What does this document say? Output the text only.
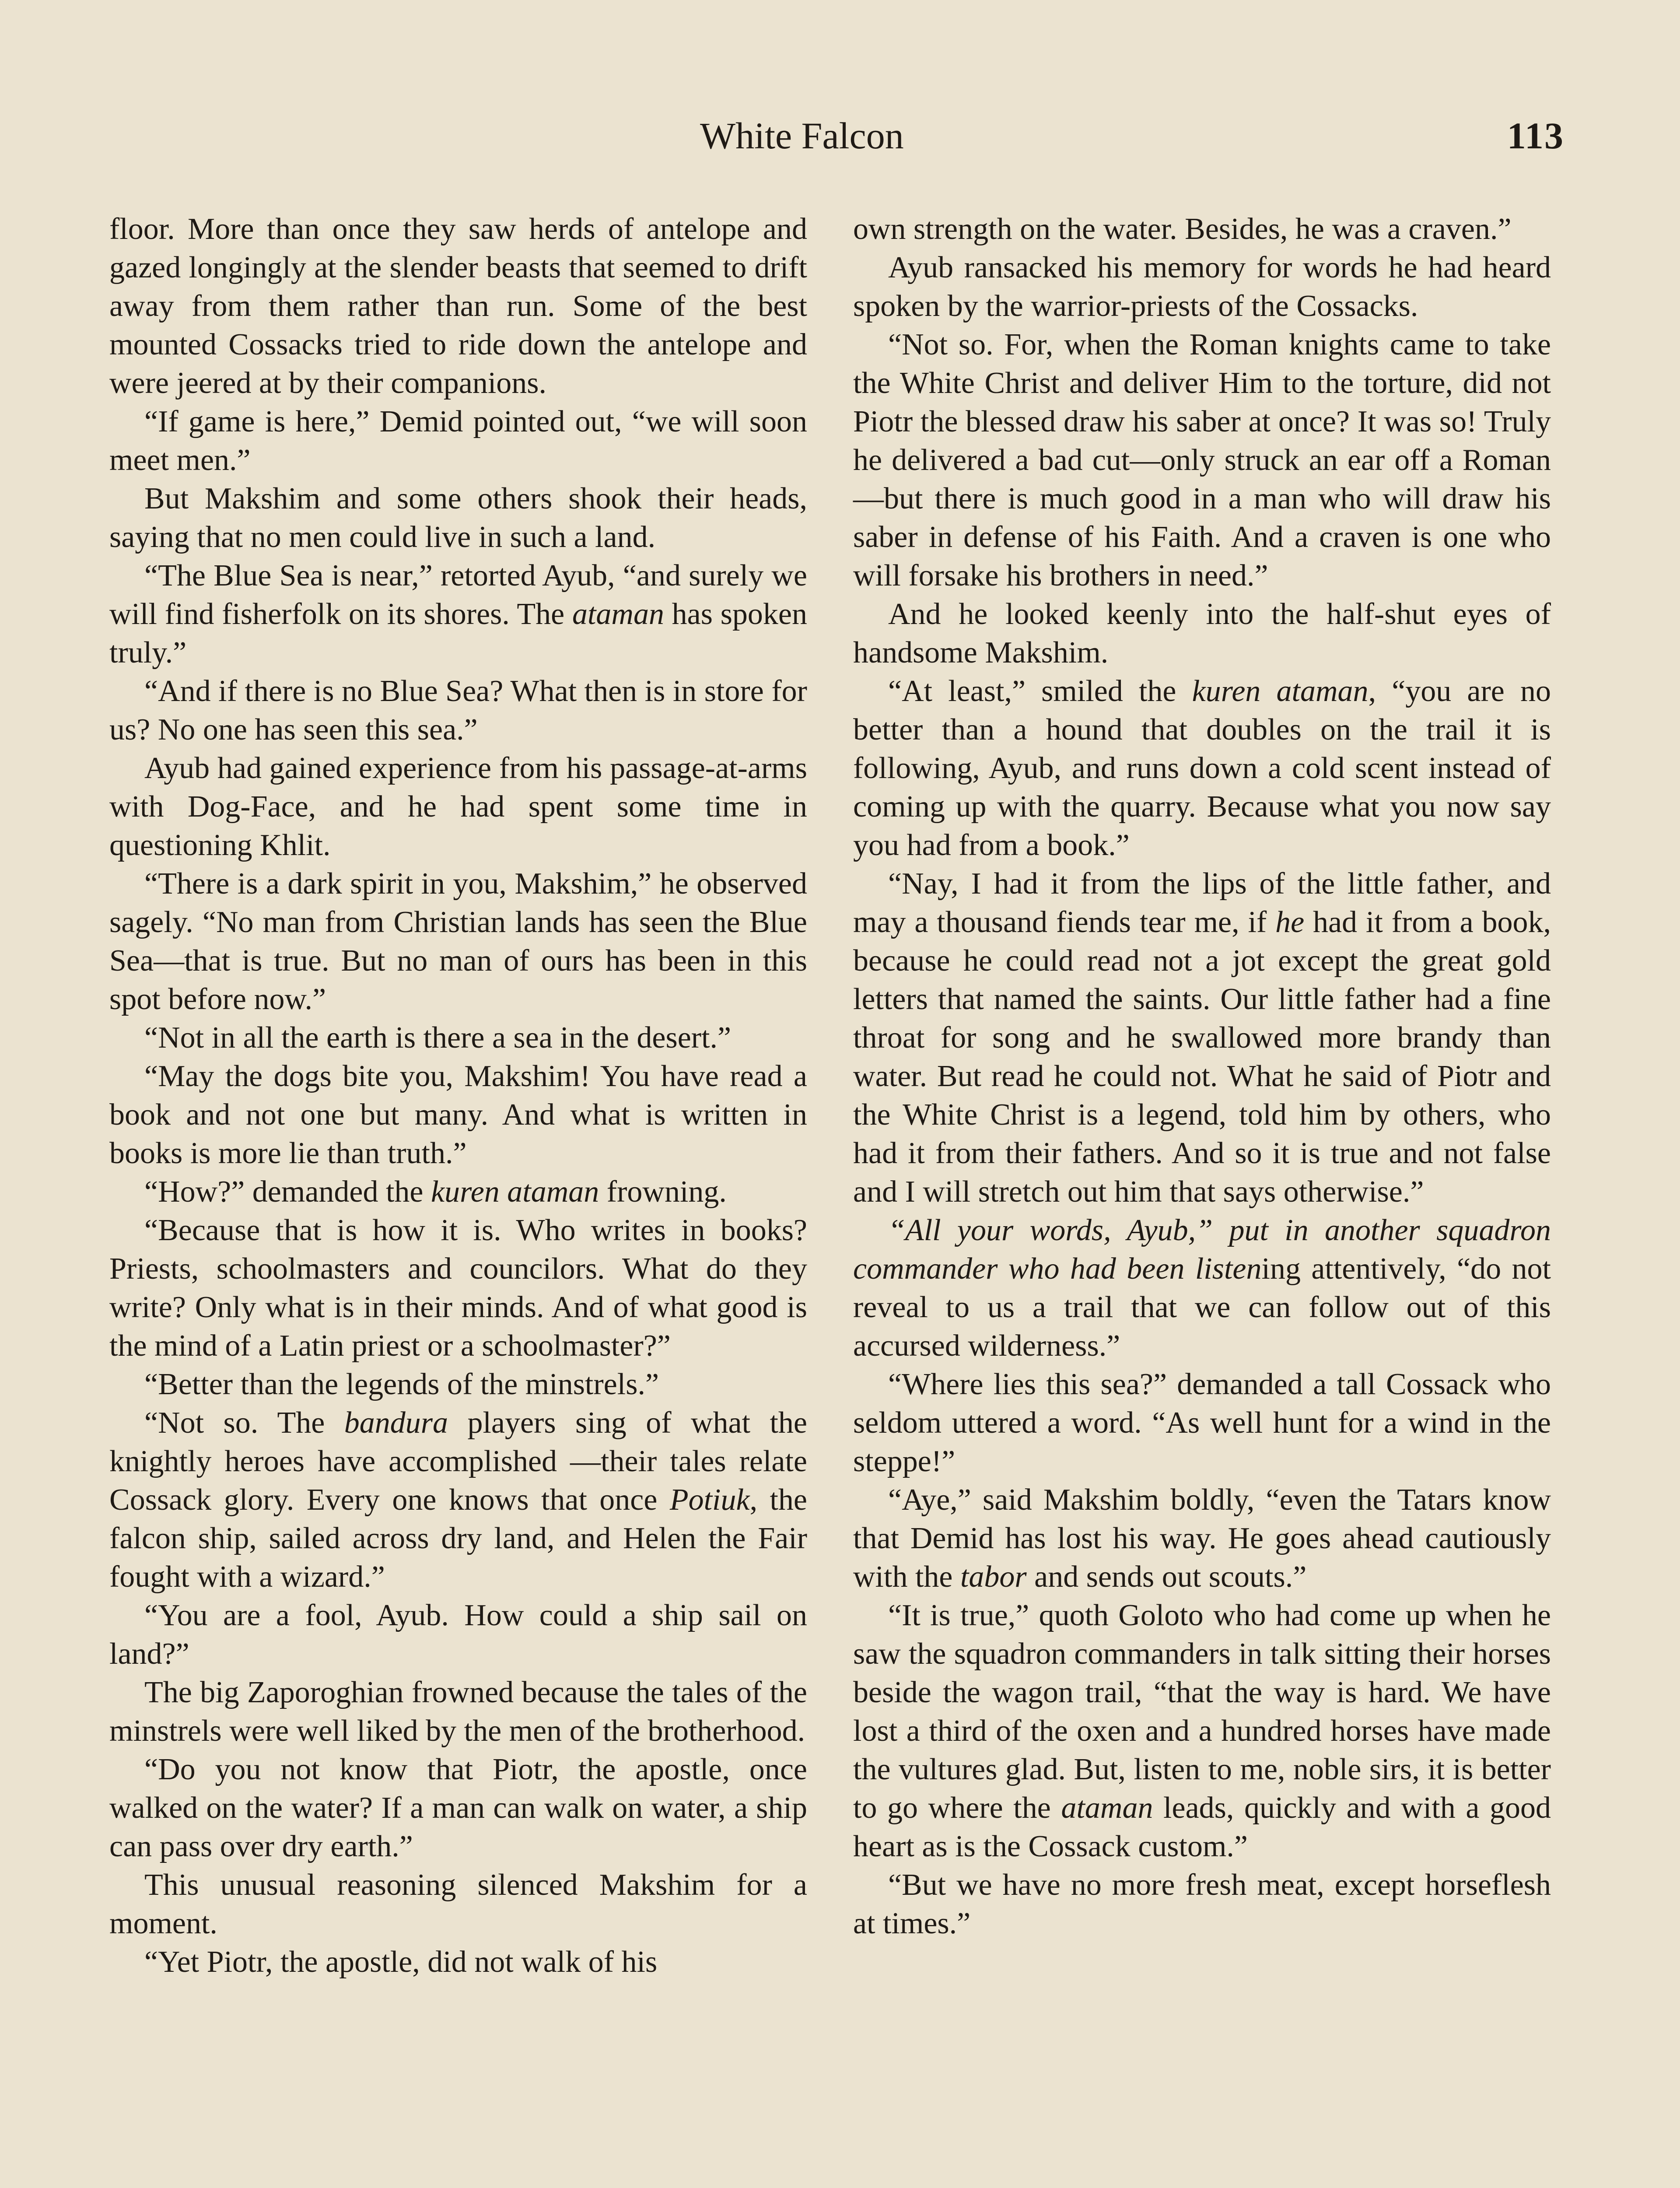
White Falcon	113

floor. More than once they saw herds of antelope and gazed longingly at the slender beasts that seemed to drift away from them rather than run. Some of the best mounted Cossacks tried to ride down the antelope and were jeered at by their companions.

“If game is here,” Demid pointed out, “we will soon meet men.”

But Makshim and some others shook their heads, saying that no men could live in such a land.

“The Blue Sea is near,” retorted Ayub, “and surely we will find fisherfolk on its shores. The ataman has spoken truly.”

“And if there is no Blue Sea? What then is in store for us? No one has seen this sea.”

Ayub had gained experience from his passage-at-arms with Dog-Face, and he had spent some time in questioning Khlit.

“There is a dark spirit in you, Makshim,” he observed sagely. “No man from Christian lands has seen the Blue Sea—that is true. But no man of ours has been in this spot before now.”

“Not in all the earth is there a sea in the desert.”

“May the dogs bite you, Makshim! You have read a book and not one but many. And what is written in books is more lie than truth.”

“How?” demanded the kuren ataman frowning.

“Because that is how it is. Who writes in books? Priests, schoolmasters and councilors. What do they write? Only what is in their minds. And of what good is the mind of a Latin priest or a schoolmaster?”

“Better than the legends of the minstrels.”

“Not so. The bandura players sing of what the knightly heroes have accomplished —their tales relate Cossack glory. Every one knows that once Potiuk, the falcon ship, sailed across dry land, and Helen the Fair fought with a wizard.”

“You are a fool, Ayub. How could a ship sail on land?”

The big Zaporoghian frowned because the tales of the minstrels were well liked by the men of the brotherhood.

“Do you not know that Piotr, the apostle, once walked on the water? If a man can walk on water, a ship can pass over dry earth.”

This unusual reasoning silenced Makshim for a moment.

“Yet Piotr, the apostle, did not walk of his

own strength on the water. Besides, he was a craven.”

Ayub ransacked his memory for words he had heard spoken by the warrior-priests of the Cossacks.

“Not so. For, when the Roman knights came to take the White Christ and deliver Him to the torture, did not Piotr the blessed draw his saber at once? It was so! Truly he delivered a bad cut—only struck an ear off a Roman—but there is much good in a man who will draw his saber in defense of his Faith. And a craven is one who will forsake his brothers in need.”

And he looked keenly into the half-shut eyes of handsome Makshim.

“At least,” smiled the kuren ataman, “you are no better than a hound that doubles on the trail it is following, Ayub, and runs down a cold scent instead of coming up with the quarry. Because what you now say you had from a book.”

“Nay, I had it from the lips of the little father, and may a thousand fiends tear me, if he had it from a book, because he could read not a jot except the great gold letters that named the saints. Our little father had a fine throat for song and he swallowed more brandy than water. But read he could not. What he said of Piotr and the White Christ is a legend, told him by others, who had it from their fathers. And so it is true and not false and I will stretch out him that says otherwise.”

“All your words, Ayub,” put in another squadron commander who had been listening attentively, “do not reveal to us a trail that we can follow out of this accursed wilderness.”

“Where lies this sea?” demanded a tall Cossack who seldom uttered a word. “As well hunt for a wind in the steppe!”

“Aye,” said Makshim boldly, “even the Tatars know that Demid has lost his way. He goes ahead cautiously with the tabor and sends out scouts.”

“It is true,” quoth Goloto who had come up when he saw the squadron commanders in talk sitting their horses beside the wagon trail, “that the way is hard. We have lost a third of the oxen and a hundred horses have made the vultures glad. But, listen to me, noble sirs, it is better to go where the ataman leads, quickly and with a good heart as is the Cossack custom.”

“But we have no more fresh meat, except horseflesh at times.”
